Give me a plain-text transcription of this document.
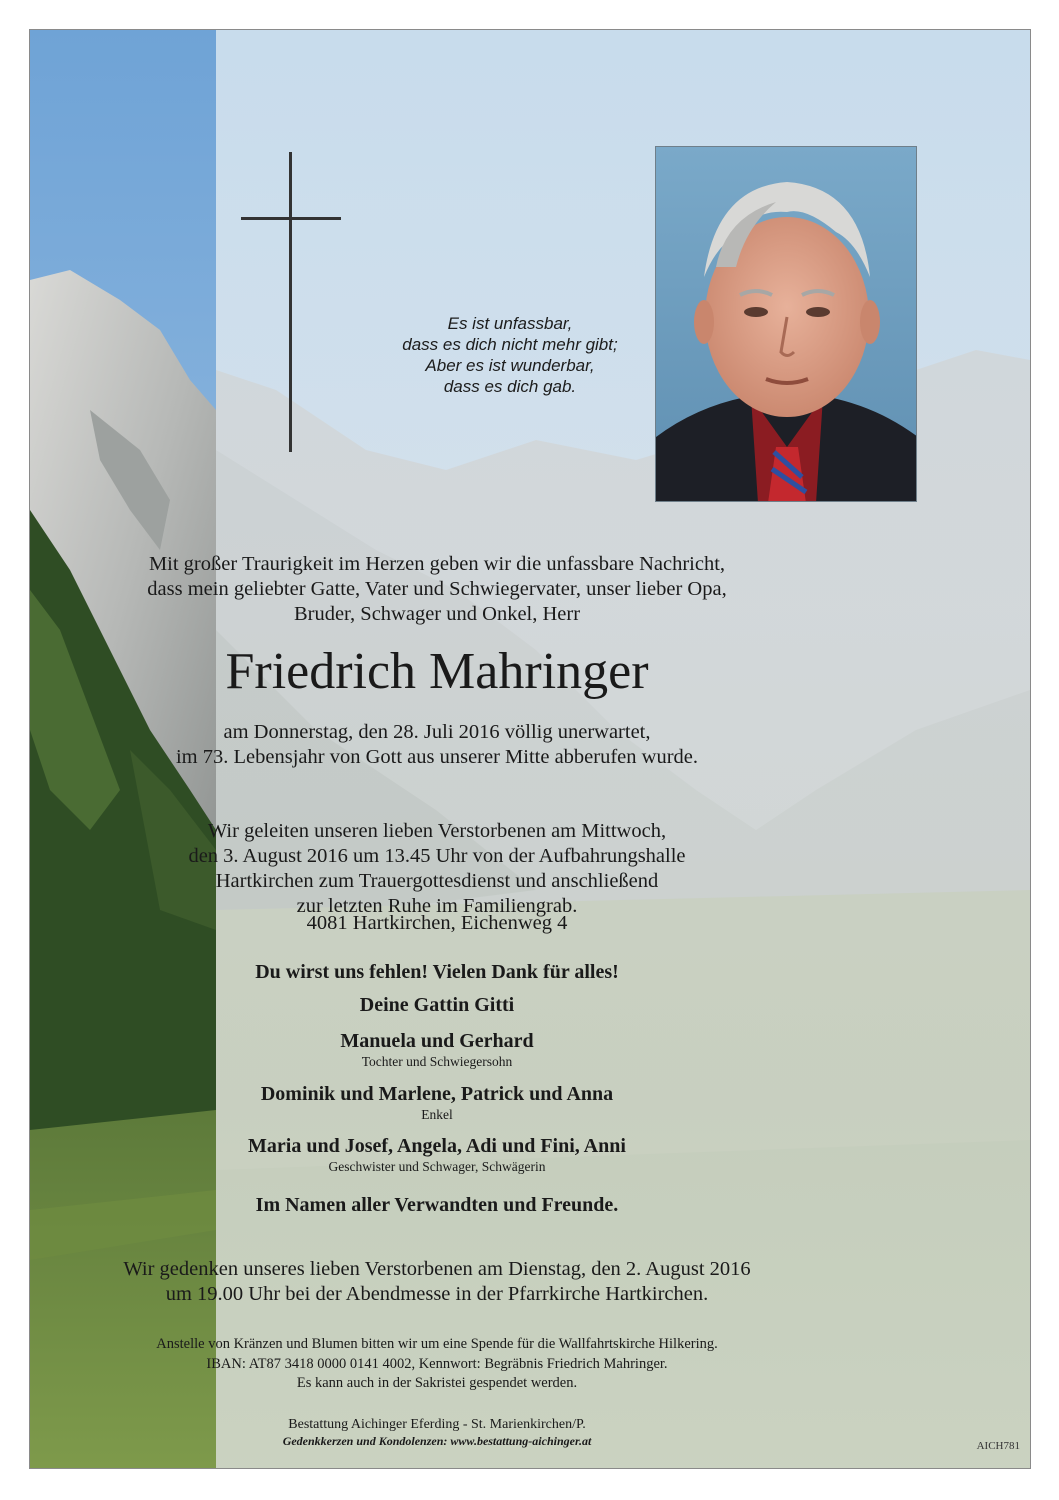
Es ist unfassbar,
dass es dich nicht mehr gibt;
Aber es ist wunderbar,
dass es dich gab.
Mit großer Traurigkeit im Herzen geben wir die unfassbare Nachricht,
dass mein geliebter Gatte, Vater und Schwiegervater, unser lieber Opa,
Bruder, Schwager und Onkel, Herr
Friedrich Mahringer
am Donnerstag, den 28. Juli 2016 völlig unerwartet,
im 73. Lebensjahr von Gott aus unserer Mitte abberufen wurde.
Wir geleiten unseren lieben Verstorbenen am Mittwoch,
den 3. August 2016 um 13.45 Uhr von der Aufbahrungshalle
Hartkirchen zum Trauergottesdienst und anschließend
zur letzten Ruhe im Familiengrab.
4081 Hartkirchen, Eichenweg 4
Du wirst uns fehlen! Vielen Dank für alles!
Deine Gattin Gitti
Manuela und Gerhard
Tochter und Schwiegersohn
Dominik und Marlene, Patrick und Anna
Enkel
Maria und Josef, Angela, Adi und Fini, Anni
Geschwister und Schwager, Schwägerin
Im Namen aller Verwandten und Freunde.
Wir gedenken unseres lieben Verstorbenen am Dienstag, den 2. August 2016
um 19.00 Uhr bei der Abendmesse in der Pfarrkirche Hartkirchen.
Anstelle von Kränzen und Blumen bitten wir um eine Spende für die Wallfahrtskirche Hilkering.
IBAN: AT87 3418 0000 0141 4002, Kennwort: Begräbnis Friedrich Mahringer.
Es kann auch in der Sakristei gespendet werden.
Bestattung Aichinger Eferding - St. Marienkirchen/P.
Gedenkkerzen und Kondolenzen: www.bestattung-aichinger.at	AICH781
